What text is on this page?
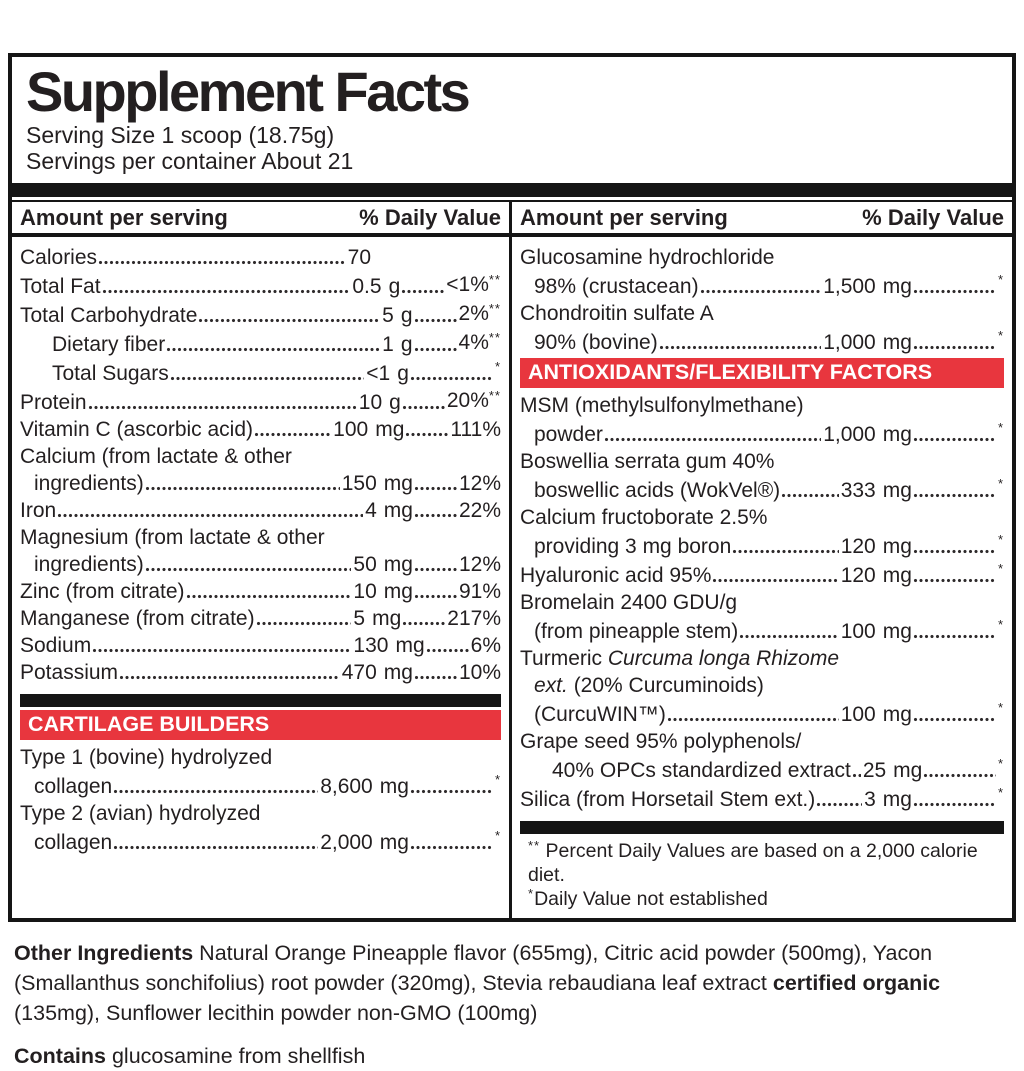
Supplement Facts
Serving Size 1 scoop (18.75g)
Servings per container About 21
Amount per serving	% Daily Value
Calories	70
Total Fat	0.5 g <1%**
Total Carbohydrate	5 g 2%**
Dietary fiber	1 g 4%**
Total Sugars	<1 g	*
Protein	10 g 20%**
Vitamin C (ascorbic acid)	100 mg 111%
Calcium (from lactate & other
ingredients)	150 mg 12%
Iron	4 mg 22%
Magnesium (from lactate & other
ingredients)	50 mg 12%
Zinc (from citrate)	10 mg 91%
Manganese (from citrate)	5 mg 217%
Sodium	130 mg 6%
Potassium	470 mg 10%
CARTILAGE BUILDERS
Type 1 (bovine) hydrolyzed
collagen	8,600 mg	*
Type 2 (avian) hydrolyzed
collagen	2,000 mg	*
Amount per serving	% Daily Value
Glucosamine hydrochloride
98% (crustacean)	1,500 mg	*
Chondroitin sulfate A
90% (bovine)	1,000 mg	*
ANTIOXIDANTS/FLEXIBILITY FACTORS
MSM (methylsulfonylmethane)
powder	1,000 mg	*
Boswellia serrata gum 40%
boswellic acids (WokVel®)	333 mg	*
Calcium fructoborate 2.5%
providing 3 mg boron	120 mg	*
Hyaluronic acid 95%	120 mg	*
Bromelain 2400 GDU/g
(from pineapple stem)	100 mg	*
Turmeric Curcuma longa Rhizome
ext. (20% Curcuminoids)
(CurcuWIN™)	100 mg	*
Grape seed 95% polyphenols/
40% OPCs standardized extract 25 mg	*
Silica (from Horsetail Stem ext.) 3 mg	*
** Percent Daily Values are based on a 2,000 calorie diet.
*Daily Value not established
Other Ingredients Natural Orange Pineapple flavor (655mg), Citric acid powder (500mg), Yacon (Smallanthus sonchifolius) root powder (320mg), Stevia rebaudiana leaf extract certified organic (135mg), Sunflower lecithin powder non-GMO (100mg)
Contains glucosamine from shellfish
